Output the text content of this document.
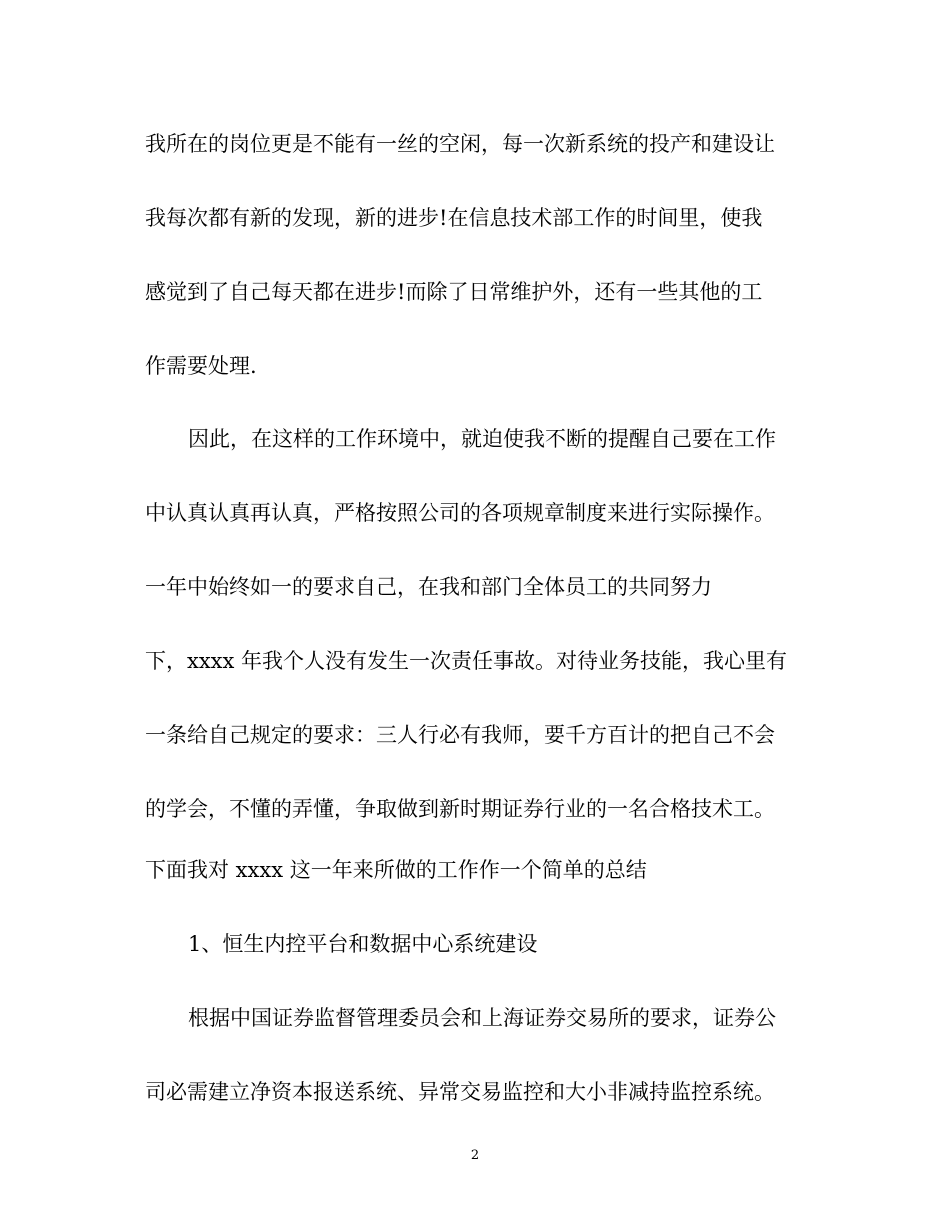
我所在的岗位更是不能有一丝的空闲，每一次新系统的投产和建设让
我每次都有新的发现，新的进步!在信息技术部工作的时间里，使我
感觉到了自己每天都在进步!而除了日常维护外，还有一些其他的工
作需要处理.
因此，在这样的工作环境中，就迫使我不断的提醒自己要在工作
中认真认真再认真，严格按照公司的各项规章制度来进行实际操作。
一年中始终如一的要求自己，在我和部门全体员工的共同努力
下，xxxx 年我个人没有发生一次责任事故。对待业务技能，我心里有
一条给自己规定的要求：三人行必有我师，要千方百计的把自己不会
的学会，不懂的弄懂，争取做到新时期证券行业的一名合格技术工。
下面我对 xxxx 这一年来所做的工作作一个简单的总结
1、恒生内控平台和数据中心系统建设
根据中国证券监督管理委员会和上海证券交易所的要求，证券公
司必需建立净资本报送系统、异常交易监控和大小非减持监控系统。
2
